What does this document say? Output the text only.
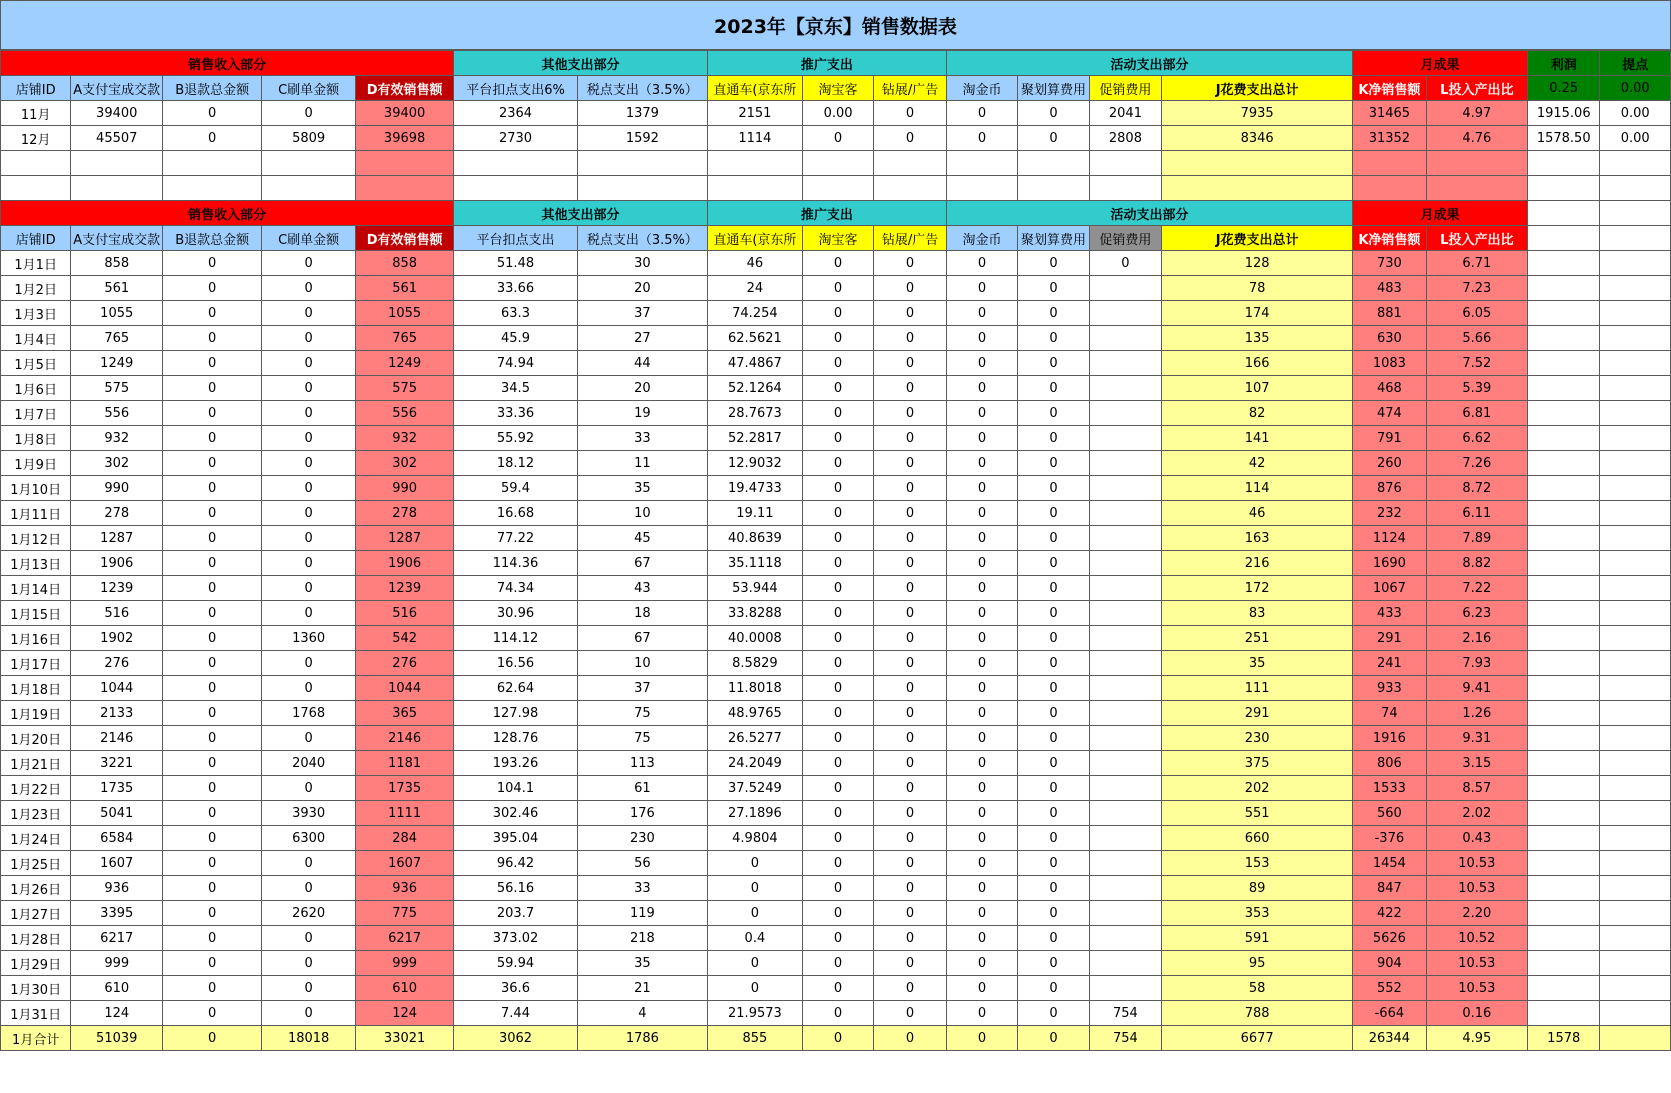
2023年【京东】销售数据表
销售收入部分					其他支出部分		推广支出			活动支出部分				月成果		利润	提点
店铺ID	A支付宝成交款	B退款总金额	C刷单金额	D有效销售额	平台扣点支出6%	税点支出（3.5%）	直通车(京东所	淘宝客	钻展/广告	淘金币	聚划算费用	促销费用	J花费支出总计	K净销售额	L投入产出比	0.25	0.00
11月	39400	0	0	39400	2364	1379	2151	0.00	0	0	0	2041	7935	31465	4.97	1915.06	0.00
12月	45507	0	5809	39698	2730	1592	1114	0	0	0	0	2808	8346	31352	4.76	1578.50	0.00

销售收入部分					其他支出部分		推广支出			活动支出部分				月成果			
店铺ID	A支付宝成交款	B退款总金额	C刷单金额	D有效销售额	平台扣点支出	税点支出（3.5%）	直通车(京东所	淘宝客	钻展/广告	淘金币	聚划算费用	促销费用	J花费支出总计	K净销售额	L投入产出比		
1月1日	858	0	0	858	51.48	30	46	0	0	0	0	0	128	730	6.71		
1月2日	561	0	0	561	33.66	20	24	0	0	0	0		78	483	7.23		
1月3日	1055	0	0	1055	63.3	37	74.254	0	0	0	0		174	881	6.05		
1月4日	765	0	0	765	45.9	27	62.5621	0	0	0	0		135	630	5.66		
1月5日	1249	0	0	1249	74.94	44	47.4867	0	0	0	0		166	1083	7.52		
1月6日	575	0	0	575	34.5	20	52.1264	0	0	0	0		107	468	5.39		
1月7日	556	0	0	556	33.36	19	28.7673	0	0	0	0		82	474	6.81		
1月8日	932	0	0	932	55.92	33	52.2817	0	0	0	0		141	791	6.62		
1月9日	302	0	0	302	18.12	11	12.9032	0	0	0	0		42	260	7.26		
1月10日	990	0	0	990	59.4	35	19.4733	0	0	0	0		114	876	8.72		
1月11日	278	0	0	278	16.68	10	19.11	0	0	0	0		46	232	6.11		
1月12日	1287	0	0	1287	77.22	45	40.8639	0	0	0	0		163	1124	7.89		
1月13日	1906	0	0	1906	114.36	67	35.1118	0	0	0	0		216	1690	8.82		
1月14日	1239	0	0	1239	74.34	43	53.944	0	0	0	0		172	1067	7.22		
1月15日	516	0	0	516	30.96	18	33.8288	0	0	0	0		83	433	6.23		
1月16日	1902	0	1360	542	114.12	67	40.0008	0	0	0	0		251	291	2.16		
1月17日	276	0	0	276	16.56	10	8.5829	0	0	0	0		35	241	7.93		
1月18日	1044	0	0	1044	62.64	37	11.8018	0	0	0	0		111	933	9.41		
1月19日	2133	0	1768	365	127.98	75	48.9765	0	0	0	0		291	74	1.26		
1月20日	2146	0	0	2146	128.76	75	26.5277	0	0	0	0		230	1916	9.31		
1月21日	3221	0	2040	1181	193.26	113	24.2049	0	0	0	0		375	806	3.15		
1月22日	1735	0	0	1735	104.1	61	37.5249	0	0	0	0		202	1533	8.57		
1月23日	5041	0	3930	1111	302.46	176	27.1896	0	0	0	0		551	560	2.02		
1月24日	6584	0	6300	284	395.04	230	4.9804	0	0	0	0		660	-376	0.43		
1月25日	1607	0	0	1607	96.42	56	0	0	0	0	0		153	1454	10.53		
1月26日	936	0	0	936	56.16	33	0	0	0	0	0		89	847	10.53		
1月27日	3395	0	2620	775	203.7	119	0	0	0	0	0		353	422	2.20		
1月28日	6217	0	0	6217	373.02	218	0.4	0	0	0	0		591	5626	10.52		
1月29日	999	0	0	999	59.94	35	0	0	0	0	0		95	904	10.53		
1月30日	610	0	0	610	36.6	21	0	0	0	0	0		58	552	10.53		
1月31日	124	0	0	124	7.44	4	21.9573	0	0	0	0	754	788	-664	0.16		
1月合计	51039	0	18018	33021	3062	1786	855	0	0	0	0	754	6677	26344	4.95	1578	
